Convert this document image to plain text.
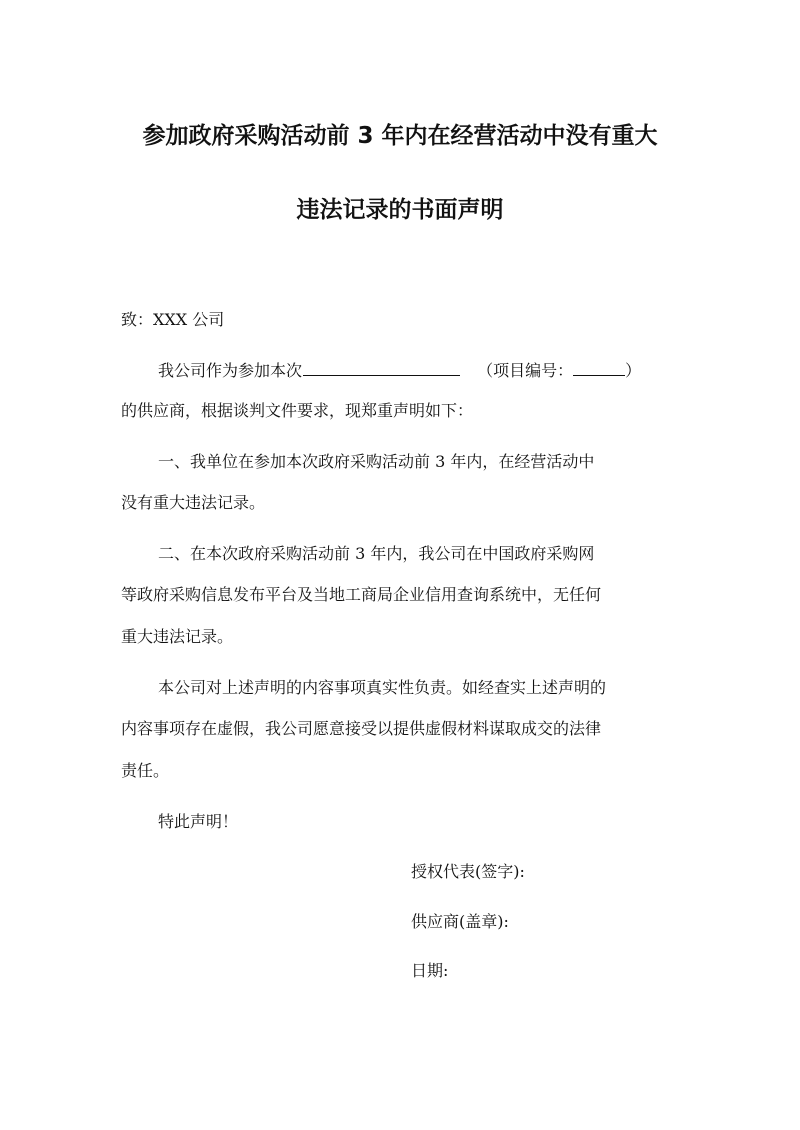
参加政府采购活动前 3 年内在经营活动中没有重大
违法记录的书面声明

致：XXX 公司

我公司作为参加本次	（项目编号：	）

的供应商，根据谈判文件要求，现郑重声明如下：

一、我单位在参加本次政府采购活动前 3 年内，在经营活动中

没有重大违法记录。

二、在本次政府采购活动前 3 年内，我公司在中国政府采购网

等政府采购信息发布平台及当地工商局企业信用查询系统中，无任何

重大违法记录。

本公司对上述声明的内容事项真实性负责。如经查实上述声明的

内容事项存在虚假，我公司愿意接受以提供虚假材料谋取成交的法律

责任。

特此声明！

授权代表(签字):

供应商(盖章):

日期:
